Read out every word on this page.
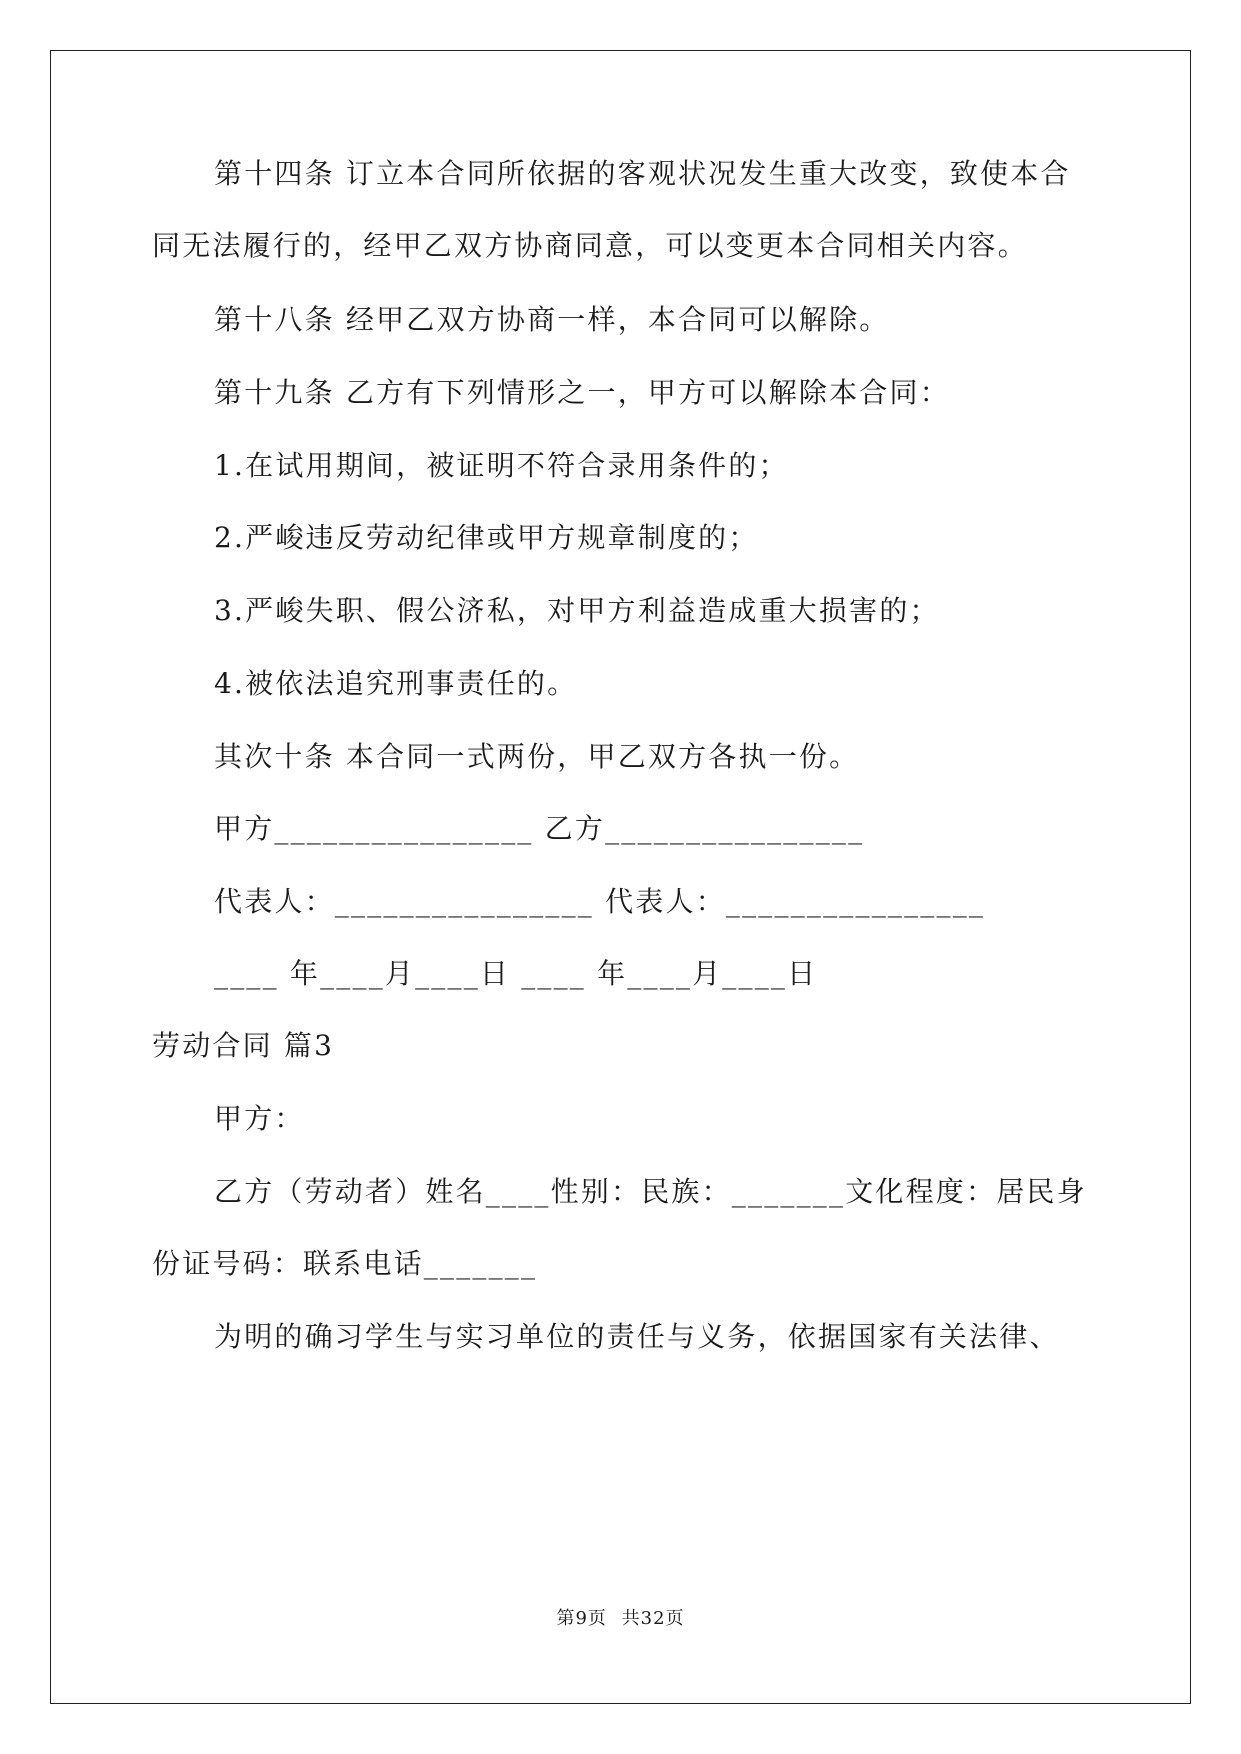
第十四条 订立本合同所依据的客观状况发生重大改变，致使本合
同无法履行的，经甲乙双方协商同意，可以变更本合同相关内容。
第十八条 经甲乙双方协商一样，本合同可以解除。
第十九条 乙方有下列情形之一，甲方可以解除本合同：
1.在试用期间，被证明不符合录用条件的；
2.严峻违反劳动纪律或甲方规章制度的；
3.严峻失职、假公济私，对甲方利益造成重大损害的；
4.被依法追究刑事责任的。
其次十条 本合同一式两份，甲乙双方各执一份。
甲方________________ 乙方________________
代表人：________________ 代表人：________________
____ 年____月____日 ____ 年____月____日
劳动合同 篇3
甲方：
乙方（劳动者）姓名____性别：民族：_______文化程度：居民身
份证号码：联系电话_______
为明的确习学生与实习单位的责任与义务，依据国家有关法律、
第9页 共32页
